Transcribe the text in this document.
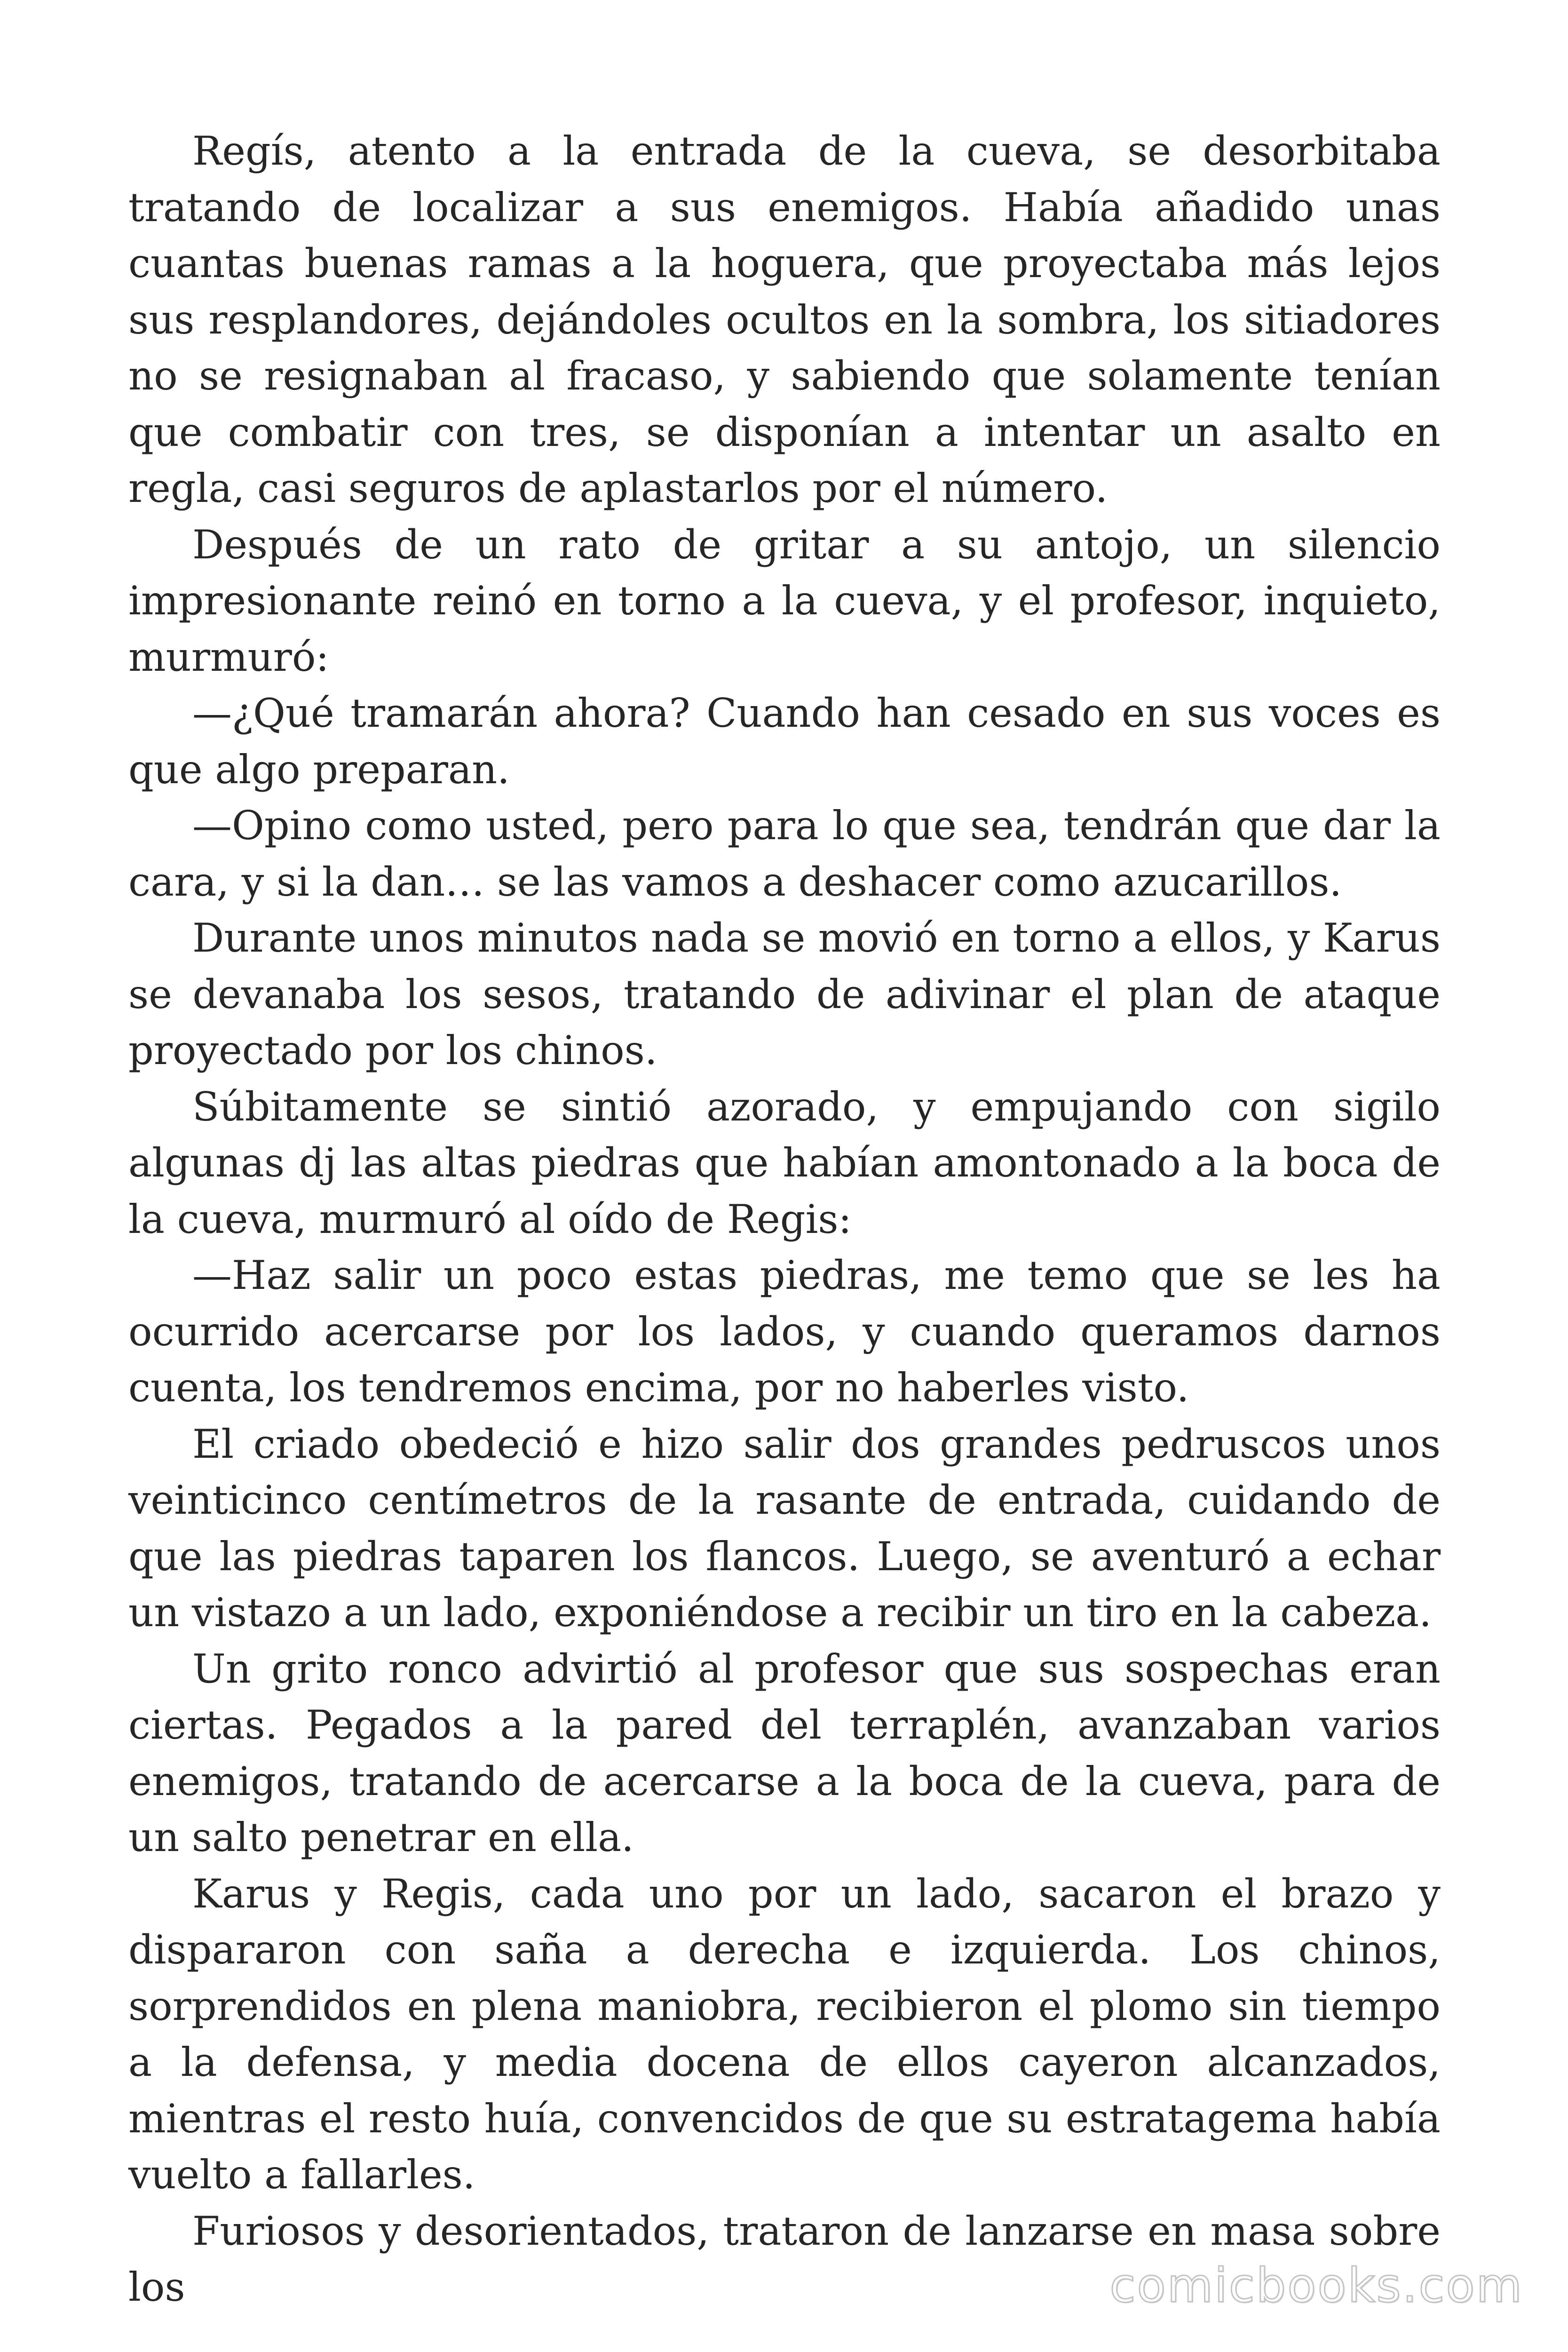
Regís, atento a la entrada de la cueva, se desorbitaba tratando de localizar a sus enemigos. Había añadido unas cuantas buenas ramas a la hoguera, que proyectaba más lejos sus resplandores, dejándoles ocultos en la sombra, los sitiadores no se resignaban al fracaso, y sabiendo que solamente tenían que combatir con tres, se disponían a intentar un asalto en regla, casi seguros de aplastarlos por el número.

Después de un rato de gritar a su antojo, un silencio impresionante reinó en torno a la cueva, y el profesor, inquieto, murmuró:

—¿Qué tramarán ahora? Cuando han cesado en sus voces es que algo preparan.

—Opino como usted, pero para lo que sea, tendrán que dar la cara, y si la dan… se las vamos a deshacer como azucarillos.

Durante unos minutos nada se movió en torno a ellos, y Karus se devanaba los sesos, tratando de adivinar el plan de ataque proyectado por los chinos.

Súbitamente se sintió azorado, y empujando con sigilo algunas dj las altas piedras que habían amontonado a la boca de la cueva, murmuró al oído de Regis:

—Haz salir un poco estas piedras, me temo que se les ha ocurrido acercarse por los lados, y cuando queramos darnos cuenta, los tendremos encima, por no haberles visto.

El criado obedeció e hizo salir dos grandes pedruscos unos veinticinco centímetros de la rasante de entrada, cuidando de que las piedras taparen los flancos. Luego, se aventuró a echar un vistazo a un lado, exponiéndose a recibir un tiro en la cabeza.

Un grito ronco advirtió al profesor que sus sospechas eran ciertas. Pegados a la pared del terraplén, avanzaban varios enemigos, tratando de acercarse a la boca de la cueva, para de un salto penetrar en ella.

Karus y Regis, cada uno por un lado, sacaron el brazo y dispararon con saña a derecha e izquierda. Los chinos, sorprendidos en plena maniobra, recibieron el plomo sin tiempo a la defensa, y media docena de ellos cayeron alcanzados, mientras el resto huía, convencidos de que su estratagema había vuelto a fallarles.

Furiosos y desorientados, trataron de lanzarse en masa sobre los	comicbooks.com
